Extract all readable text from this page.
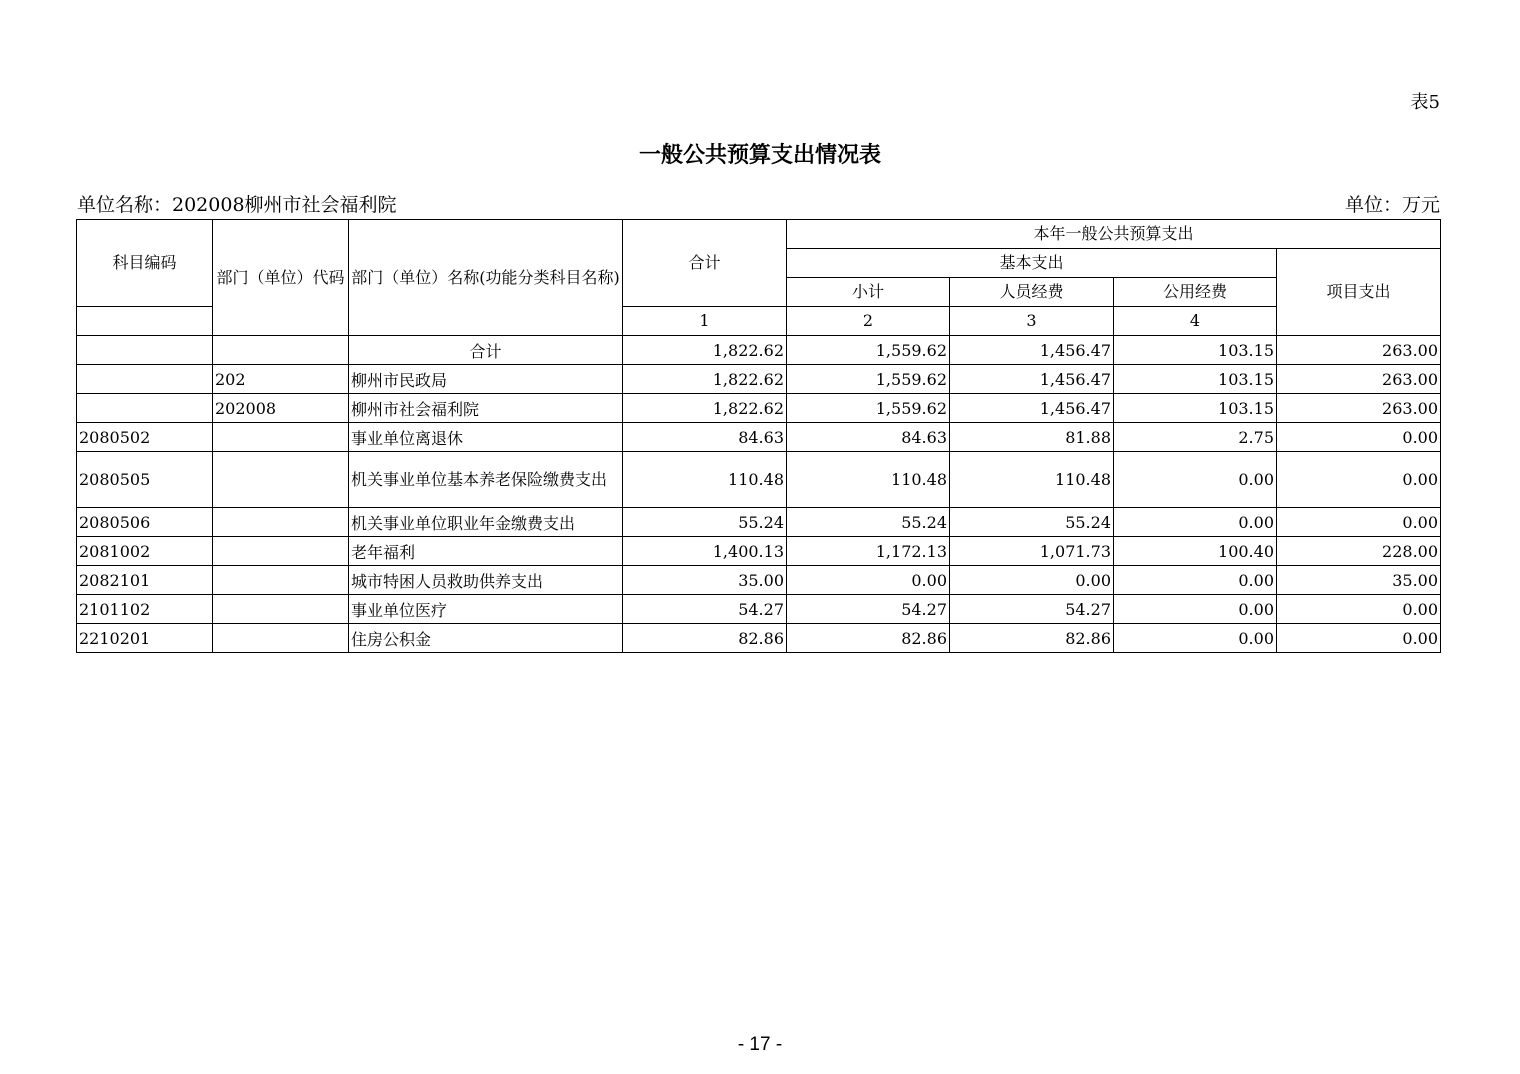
表5
一般公共预算支出情况表
单位名称：202008柳州市社会福利院	单位：万元
科目编码	部门（单位）代码	部门（单位）名称(功能分类科目名称)	合计	本年一般公共预算支出			
				基本支出			项目支出
				小计	人员经费	公用经费	
			1	2	3	4	
		合计	1,822.62	1,559.62	1,456.47	103.15	263.00
	202	柳州市民政局	1,822.62	1,559.62	1,456.47	103.15	263.00
	202008	柳州市社会福利院	1,822.62	1,559.62	1,456.47	103.15	263.00
2080502		事业单位离退休	84.63	84.63	81.88	2.75	0.00
2080505		机关事业单位基本养老保险缴费支出	110.48	110.48	110.48	0.00	0.00
2080506		机关事业单位职业年金缴费支出	55.24	55.24	55.24	0.00	0.00
2081002		老年福利	1,400.13	1,172.13	1,071.73	100.40	228.00
2082101		城市特困人员救助供养支出	35.00	0.00	0.00	0.00	35.00
2101102		事业单位医疗	54.27	54.27	54.27	0.00	0.00
2210201		住房公积金	82.86	82.86	82.86	0.00	0.00
- 17 -
